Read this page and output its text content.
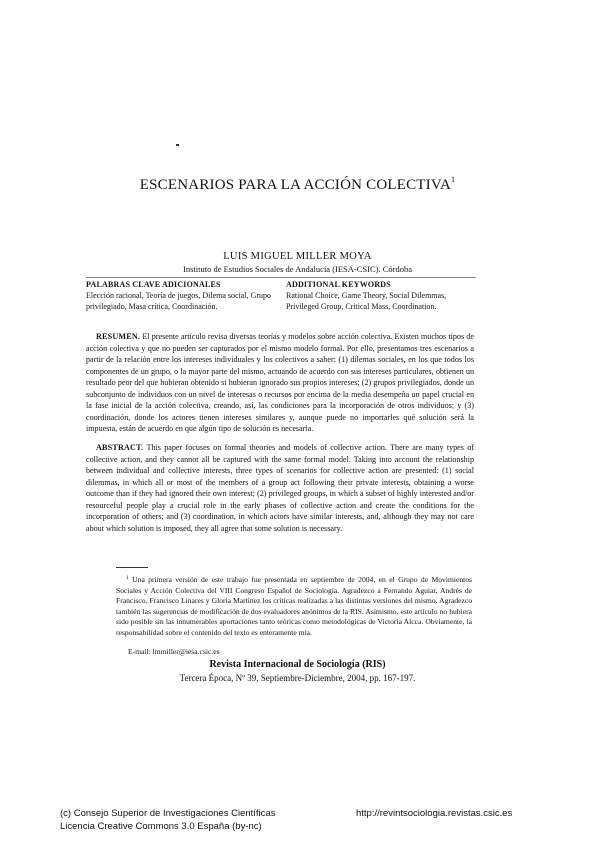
ESCENARIOS PARA LA ACCIÓN COLECTIVA$^1$
LUIS MIGUEL MILLER MOYA
Instituto de Estudios Sociales de Andalucía (IESA-CSIC). Córdoba
PALABRAS CLAVE ADICIONALES
Elección racional, Teoría de juegos, Dilema social, Grupo privilegiado, Masa crítica, Coordinación.
ADDITIONAL KEYWORDS
Rational Choice, Game Theory, Social Dilemmas, Privileged Group, Critical Mass, Coordination.
RESUMEN. El presente artículo revisa diversas teorías y modelos sobre acción colectiva. Existen muchos tipos de acción colectiva y que no pueden ser capturados por el mismo modelo formal. Por ello, presentamos tres escenarios a partir de la relación entre los intereses individuales y los colectivos a saber: (1) dilemas sociales, en los que todos los componentes de un grupo, o la mayor parte del mismo, actuando de acuerdo con sus intereses particulares, obtienen un resultado peor del que hubieran obtenido si hubieran ignorado sus propios intereses; (2) grupos privilegiados, donde un subconjunto de individuos con un nivel de interesas o recursos por encima de la media desempeña un papel crucial en la fase inicial de la acción colectiva, creando, así, las condiciones para la incorporación de otros individuos; y (3) coordinación, donde los actores tienen intereses similares y, aunque puede no importarles qué solución será la impuesta, están de acuerdo en que algún tipo de solución es necesaria.
ABSTRACT. This paper focuses on formal theories and models of collective action. There are many types of collective action, and they cannot all be captured with the same formal model. Taking into account the relationship between individual and collective interests, three types of scenarios for collective action are presented: (1) social dilemmas, in which all or most of the members of a group act following their private interests, obtaining a worse outcome than if they had ignored their own interest; (2) privileged groups, in which a subset of highly interested and/or resourceful people play a crucial role in the early phases of collective action and create the conditions for the incorporation of others; and (3) coordination, in which actors have similar interests, and, although they may not care about which solution is imposed, they all agree that some solution is necessary.
$^1$ Una primera versión de este trabajo fue presentada en septiembre de 2004, en el Grupo de Movimientos Sociales y Acción Colectiva del VIII Congreso Español de Sociología. Agradezco a Fernando Aguiar, Andrés de Francisco, Francisco Linares y Gloria Martínez los críticas realizadas a las distintas versiones del mismo. Agradezco también las sugerencias de modificación de dos evaluadores anónimos de la RIS. Asimismo, este artículo no hubiera sido posible sin las innumerables aportaciones tanto teóricas como metodológicas de Victoria Alcca. Obviamente, la responsabilidad sobre el contenido del texto es enteramente mía.
E-mail: lmmiller@iesa.csic.es
Revista Internacional de Sociología (RIS)
Tercera Época, Nº 39, Septiembre-Diciembre, 2004, pp. 167-197.
(c) Consejo Superior de Investigaciones Científicas
Licencia Creative Commons 3.0 España (by-nc)
http://revintsociologia.revistas.csic.es
